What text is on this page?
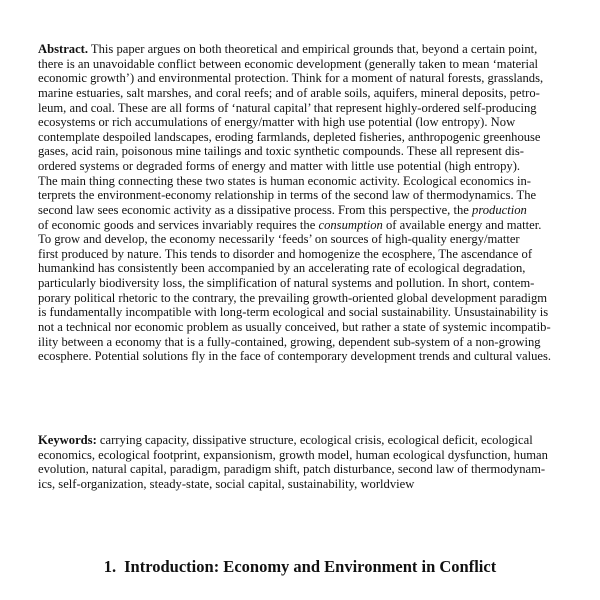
Abstract. This paper argues on both theoretical and empirical grounds that, beyond a certain point,
there is an unavoidable conflict between economic development (generally taken to mean ‘material
economic growth’) and environmental protection. Think for a moment of natural forests, grasslands,
marine estuaries, salt marshes, and coral reefs; and of arable soils, aquifers, mineral deposits, petro-
leum, and coal. These are all forms of ‘natural capital’ that represent highly-ordered self-producing
ecosystems or rich accumulations of energy/matter with high use potential (low entropy). Now
contemplate despoiled landscapes, eroding farmlands, depleted fisheries, anthropogenic greenhouse
gases, acid rain, poisonous mine tailings and toxic synthetic compounds. These all represent dis-
ordered systems or degraded forms of energy and matter with little use potential (high entropy).
The main thing connecting these two states is human economic activity. Ecological economics in-
terprets the environment-economy relationship in terms of the second law of thermodynamics. The
second law sees economic activity as a dissipative process. From this perspective, the production
of economic goods and services invariably requires the consumption of available energy and matter.
To grow and develop, the economy necessarily ‘feeds’ on sources of high-quality energy/matter
first produced by nature. This tends to disorder and homogenize the ecosphere, The ascendance of
humankind has consistently been accompanied by an accelerating rate of ecological degradation,
particularly biodiversity loss, the simplification of natural systems and pollution. In short, contem-
porary political rhetoric to the contrary, the prevailing growth-oriented global development paradigm
is fundamentally incompatible with long-term ecological and social sustainability. Unsustainability is
not a technical nor economic problem as usually conceived, but rather a state of systemic incompatib-
ility between a economy that is a fully-contained, growing, dependent sub-system of a non-growing
ecosphere. Potential solutions fly in the face of contemporary development trends and cultural values.
Keywords: carrying capacity, dissipative structure, ecological crisis, ecological deficit, ecological
economics, ecological footprint, expansionism, growth model, human ecological dysfunction, human
evolution, natural capital, paradigm, paradigm shift, patch disturbance, second law of thermodynam-
ics, self-organization, steady-state, social capital, sustainability, worldview
1. Introduction: Economy and Environment in Conflict
